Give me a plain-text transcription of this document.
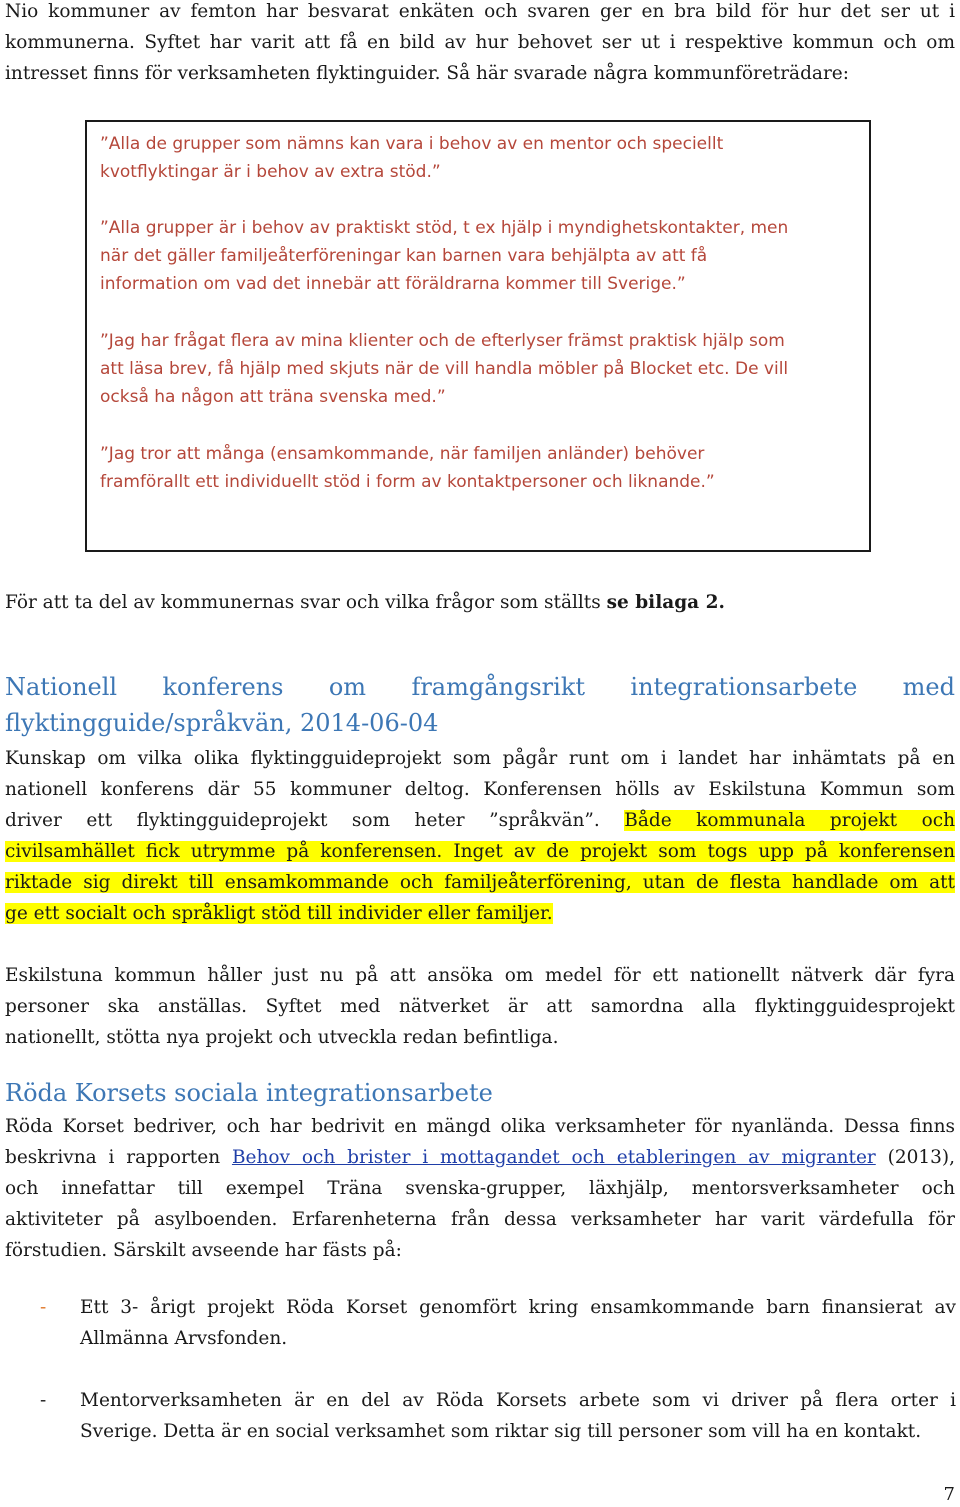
Nio kommuner av femton har besvarat enkäten och svaren ger en bra bild för hur det ser ut i
kommunerna. Syftet har varit att få en bild av hur behovet ser ut i respektive kommun och om
intresset finns för verksamheten flyktinguider. Så här svarade några kommunföreträdare:

”Alla de grupper som nämns kan vara i behov av en mentor och speciellt
kvotflyktingar är i behov av extra stöd.”

”Alla grupper är i behov av praktiskt stöd, t ex hjälp i myndighetskontakter, men
när det gäller familjeåterföreningar kan barnen vara behjälpta av att få
information om vad det innebär att föräldrarna kommer till Sverige.”

”Jag har frågat flera av mina klienter och de efterlyser främst praktisk hjälp som
att läsa brev, få hjälp med skjuts när de vill handla möbler på Blocket etc. De vill
också ha någon att träna svenska med.”

”Jag tror att många (ensamkommande, när familjen anländer) behöver
framförallt ett individuellt stöd i form av kontaktpersoner och liknande.”

För att ta del av kommunernas svar och vilka frågor som ställts se bilaga 2.

Nationell konferens om framgångsrikt integrationsarbete med
flyktingguide/språkvän, 2014-06-04

Kunskap om vilka olika flyktingguideprojekt som pågår runt om i landet har inhämtats på en
nationell konferens där 55 kommuner deltog. Konferensen hölls av Eskilstuna Kommun som
driver ett flyktingguideprojekt som heter ”språkvän”. Både kommunala projekt och
civilsamhället fick utrymme på konferensen. Inget av de projekt som togs upp på konferensen
riktade sig direkt till ensamkommande och familjeåterförening, utan de flesta handlade om att
ge ett socialt och språkligt stöd till individer eller familjer.

Eskilstuna kommun håller just nu på att ansöka om medel för ett nationellt nätverk där fyra
personer ska anställas. Syftet med nätverket är att samordna alla flyktingguidesprojekt
nationellt, stötta nya projekt och utveckla redan befintliga.

Röda Korsets sociala integrationsarbete

Röda Korset bedriver, och har bedrivit en mängd olika verksamheter för nyanlända. Dessa finns
beskrivna i rapporten Behov och brister i mottagandet och etableringen av migranter (2013),
och innefattar till exempel Träna svenska-grupper, läxhjälp, mentorsverksamheter och
aktiviteter på asylboenden. Erfarenheterna från dessa verksamheter har varit värdefulla för
förstudien. Särskilt avseende har fästs på:

- Ett 3- årigt projekt Röda Korset genomfört kring ensamkommande barn finansierat av
Allmänna Arvsfonden.

- Mentorverksamheten är en del av Röda Korsets arbete som vi driver på flera orter i
Sverige. Detta är en social verksamhet som riktar sig till personer som vill ha en kontakt.

7
